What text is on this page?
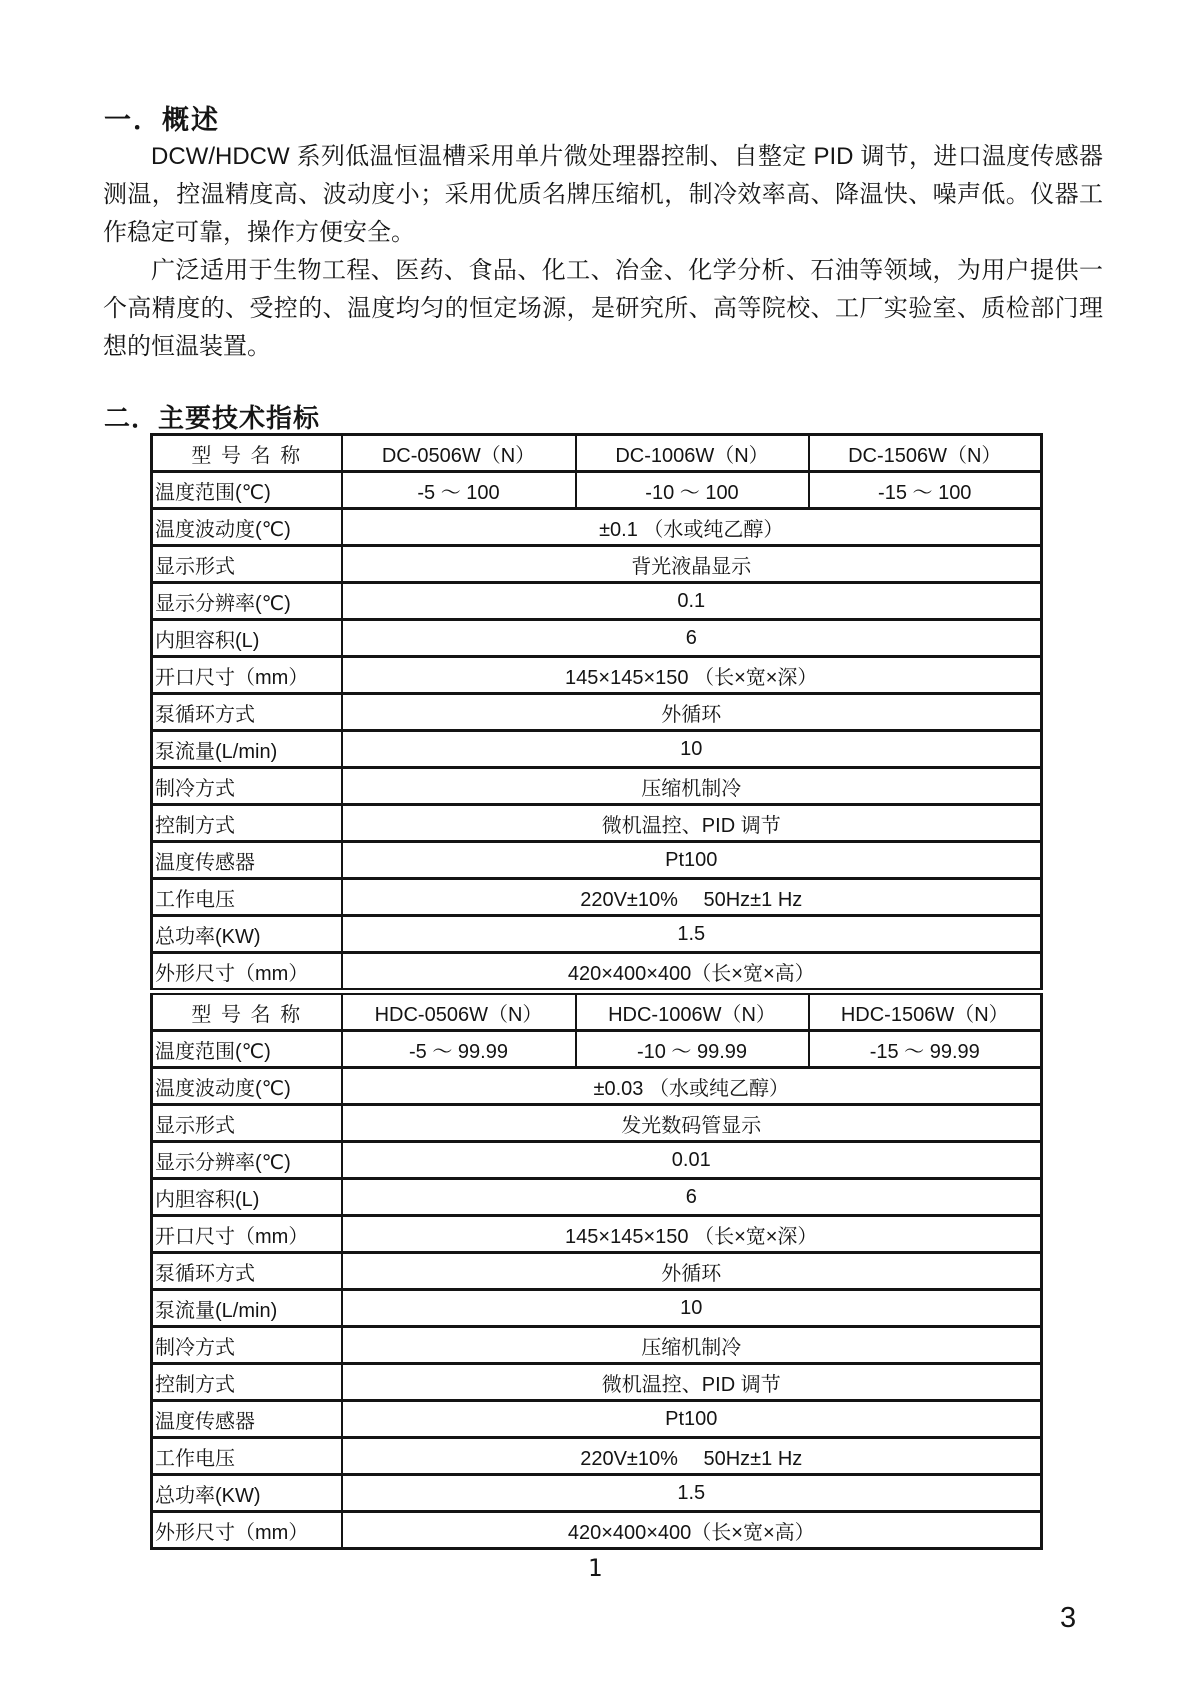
一．概述

DCW/HDCW 系列低温恒温槽采用单片微处理器控制、自整定 PID 调节，进口温度传感器测温，控温精度高、波动度小；采用优质名牌压缩机，制冷效率高、降温快、噪声低。仪器工作稳定可靠，操作方便安全。

广泛适用于生物工程、医药、食品、化工、冶金、化学分析、石油等领域，为用户提供一个高精度的、受控的、温度均匀的恒定场源，是研究所、高等院校、工厂实验室、质检部门理想的恒温装置。

二．主要技术指标
型 号 名 称	DC-0506W（N）	DC-1006W（N）	DC-1506W（N）
温度范围(℃)	-5 ～ 100	-10 ～ 100	-15 ～ 100
温度波动度(℃)	±0.1 （水或纯乙醇）		
显示形式	背光液晶显示		
显示分辨率(℃)	0.1		
内胆容积(L)	6		
开口尺寸（mm）	145×145×150 （长×宽×深）		
泵循环方式	外循环		
泵流量(L/min)	10		
制冷方式	压缩机制冷		
控制方式	微机温控、PID 调节		
温度传感器	Pt100		
工作电压	220V±10%　 50Hz±1 Hz		
总功率(KW)	1.5		
外形尺寸（mm）	420×400×400（长×宽×高）		
型 号 名 称	HDC-0506W（N）	HDC-1006W（N）	HDC-1506W（N）
温度范围(℃)	-5 ～ 99.99	-10 ～ 99.99	-15 ～ 99.99
温度波动度(℃)	±0.03 （水或纯乙醇）		
显示形式	发光数码管显示		
显示分辨率(℃)	0.01		
内胆容积(L)	6		
开口尺寸（mm）	145×145×150 （长×宽×深）		
泵循环方式	外循环		
泵流量(L/min)	10		
制冷方式	压缩机制冷		
控制方式	微机温控、PID 调节		
温度传感器	Pt100		
工作电压	220V±10%　 50Hz±1 Hz		
总功率(KW)	1.5		
外形尺寸（mm）	420×400×400（长×宽×高）		
1
3
